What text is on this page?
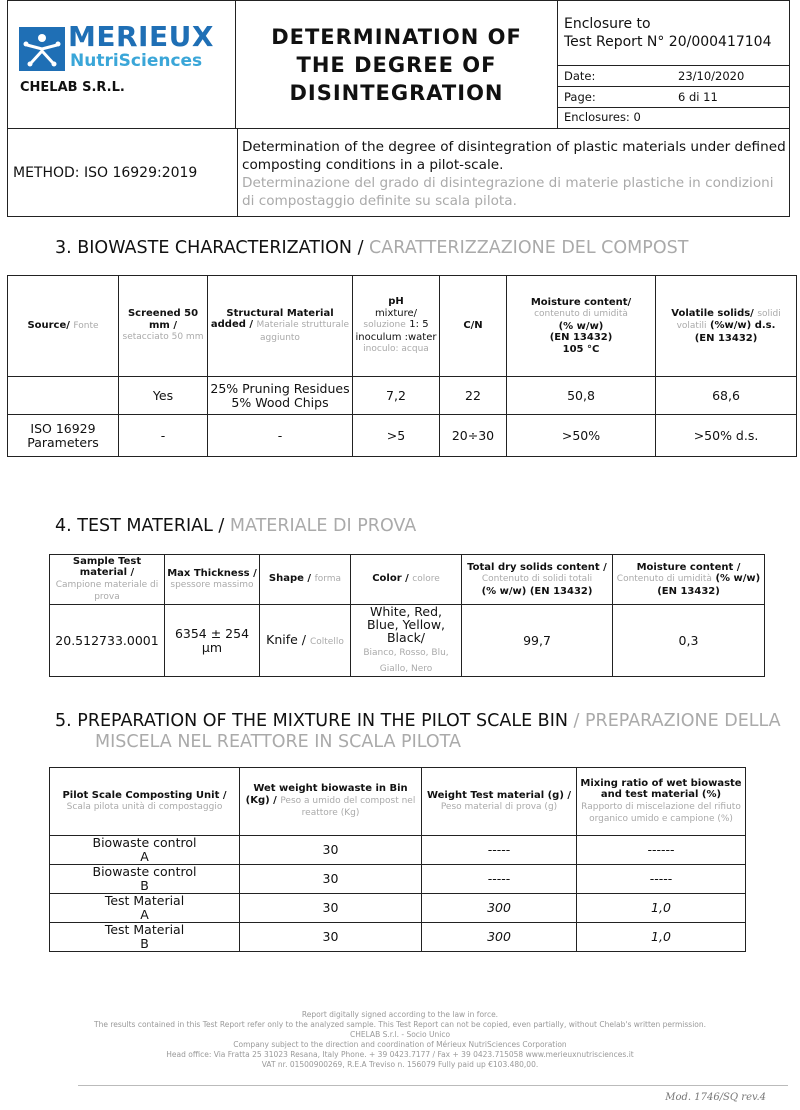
MERIEUX
NutriSciences
CHELAB S.R.L.
DETERMINATION OF
THE DEGREE OF
DISINTEGRATION
Enclosure to
Test Report N° 20/000417104
Date:	23/10/2020
Page:	6 di 11
Enclosures: 0
METHOD: ISO 16929:2019
Determination of the degree of disintegration of plastic materials under defined composting conditions in a pilot-scale.
Determinazione del grado di disintegrazione di materie plastiche in condizioni di compostaggio definite su scala pilota.
3. BIOWASTE CHARACTERIZATION / CARATTERIZZAZIONE DEL COMPOST
Source/ Fonte	Screened 50 mm /
setacciato 50 mm	Structural Material added / Materiale strutturale aggiunto	pH
mixture/
soluzione 1: 5
inoculum :water
inoculo: acqua	C/N	Moisture content/
contenuto di umidità
(% w/w)
(EN 13432)
105 °C	Volatile solids/ solidi volatili (%w/w) d.s.
(EN 13432)
	Yes	25% Pruning Residues
5% Wood Chips	7,2	22	50,8	68,6
ISO 16929
Parameters	-	-	>5	20÷30	>50%	>50% d.s.
4. TEST MATERIAL / MATERIALE DI PROVA
Sample Test material /
Campione materiale di prova	Max Thickness / spessore massimo	Shape / forma	Color / colore	Total dry solids content / Contenuto di solidi totali
(% w/w) (EN 13432)	Moisture content /
Contenuto di umidità (% w/w)
(EN 13432)
20.512733.0001	6354 ± 254
µm	Knife / Coltello	White, Red, Blue, Yellow, Black/
Bianco, Rosso, Blu, Giallo, Nero	99,7	0,3
5. PREPARATION OF THE MIXTURE IN THE PILOT SCALE BIN / PREPARAZIONE DELLA
MISCELA NEL REATTORE IN SCALA PILOTA
Pilot Scale Composting Unit /
Scala pilota unità di compostaggio	Wet weight biowaste in Bin (Kg) / Peso a umido del compost nel reattore (Kg)	Weight Test material (g) / Peso material di prova (g)	Mixing ratio of wet biowaste and test material (%)
Rapporto di miscelazione del rifiuto organico umido e campione (%)
Biowaste control
A	30	-----	------
Biowaste control
B	30	-----	-----
Test Material
A	30	300	1,0
Test Material
B	30	300	1,0
Report digitally signed according to the law in force.
The results contained in this Test Report refer only to the analyzed sample. This Test Report can not be copied, even partially, without Chelab's written permission.
CHELAB S.r.l. - Socio Unico
Company subject to the direction and coordination of Mérieux NutriSciences Corporation
Head office: Via Fratta 25 31023 Resana, Italy Phone. + 39 0423.7177 / Fax + 39 0423.715058 www.merieuxnutrisciences.it
VAT nr. 01500900269, R.E.A Treviso n. 156079 Fully paid up €103.480,00.
Mod. 1746/SQ rev.4
